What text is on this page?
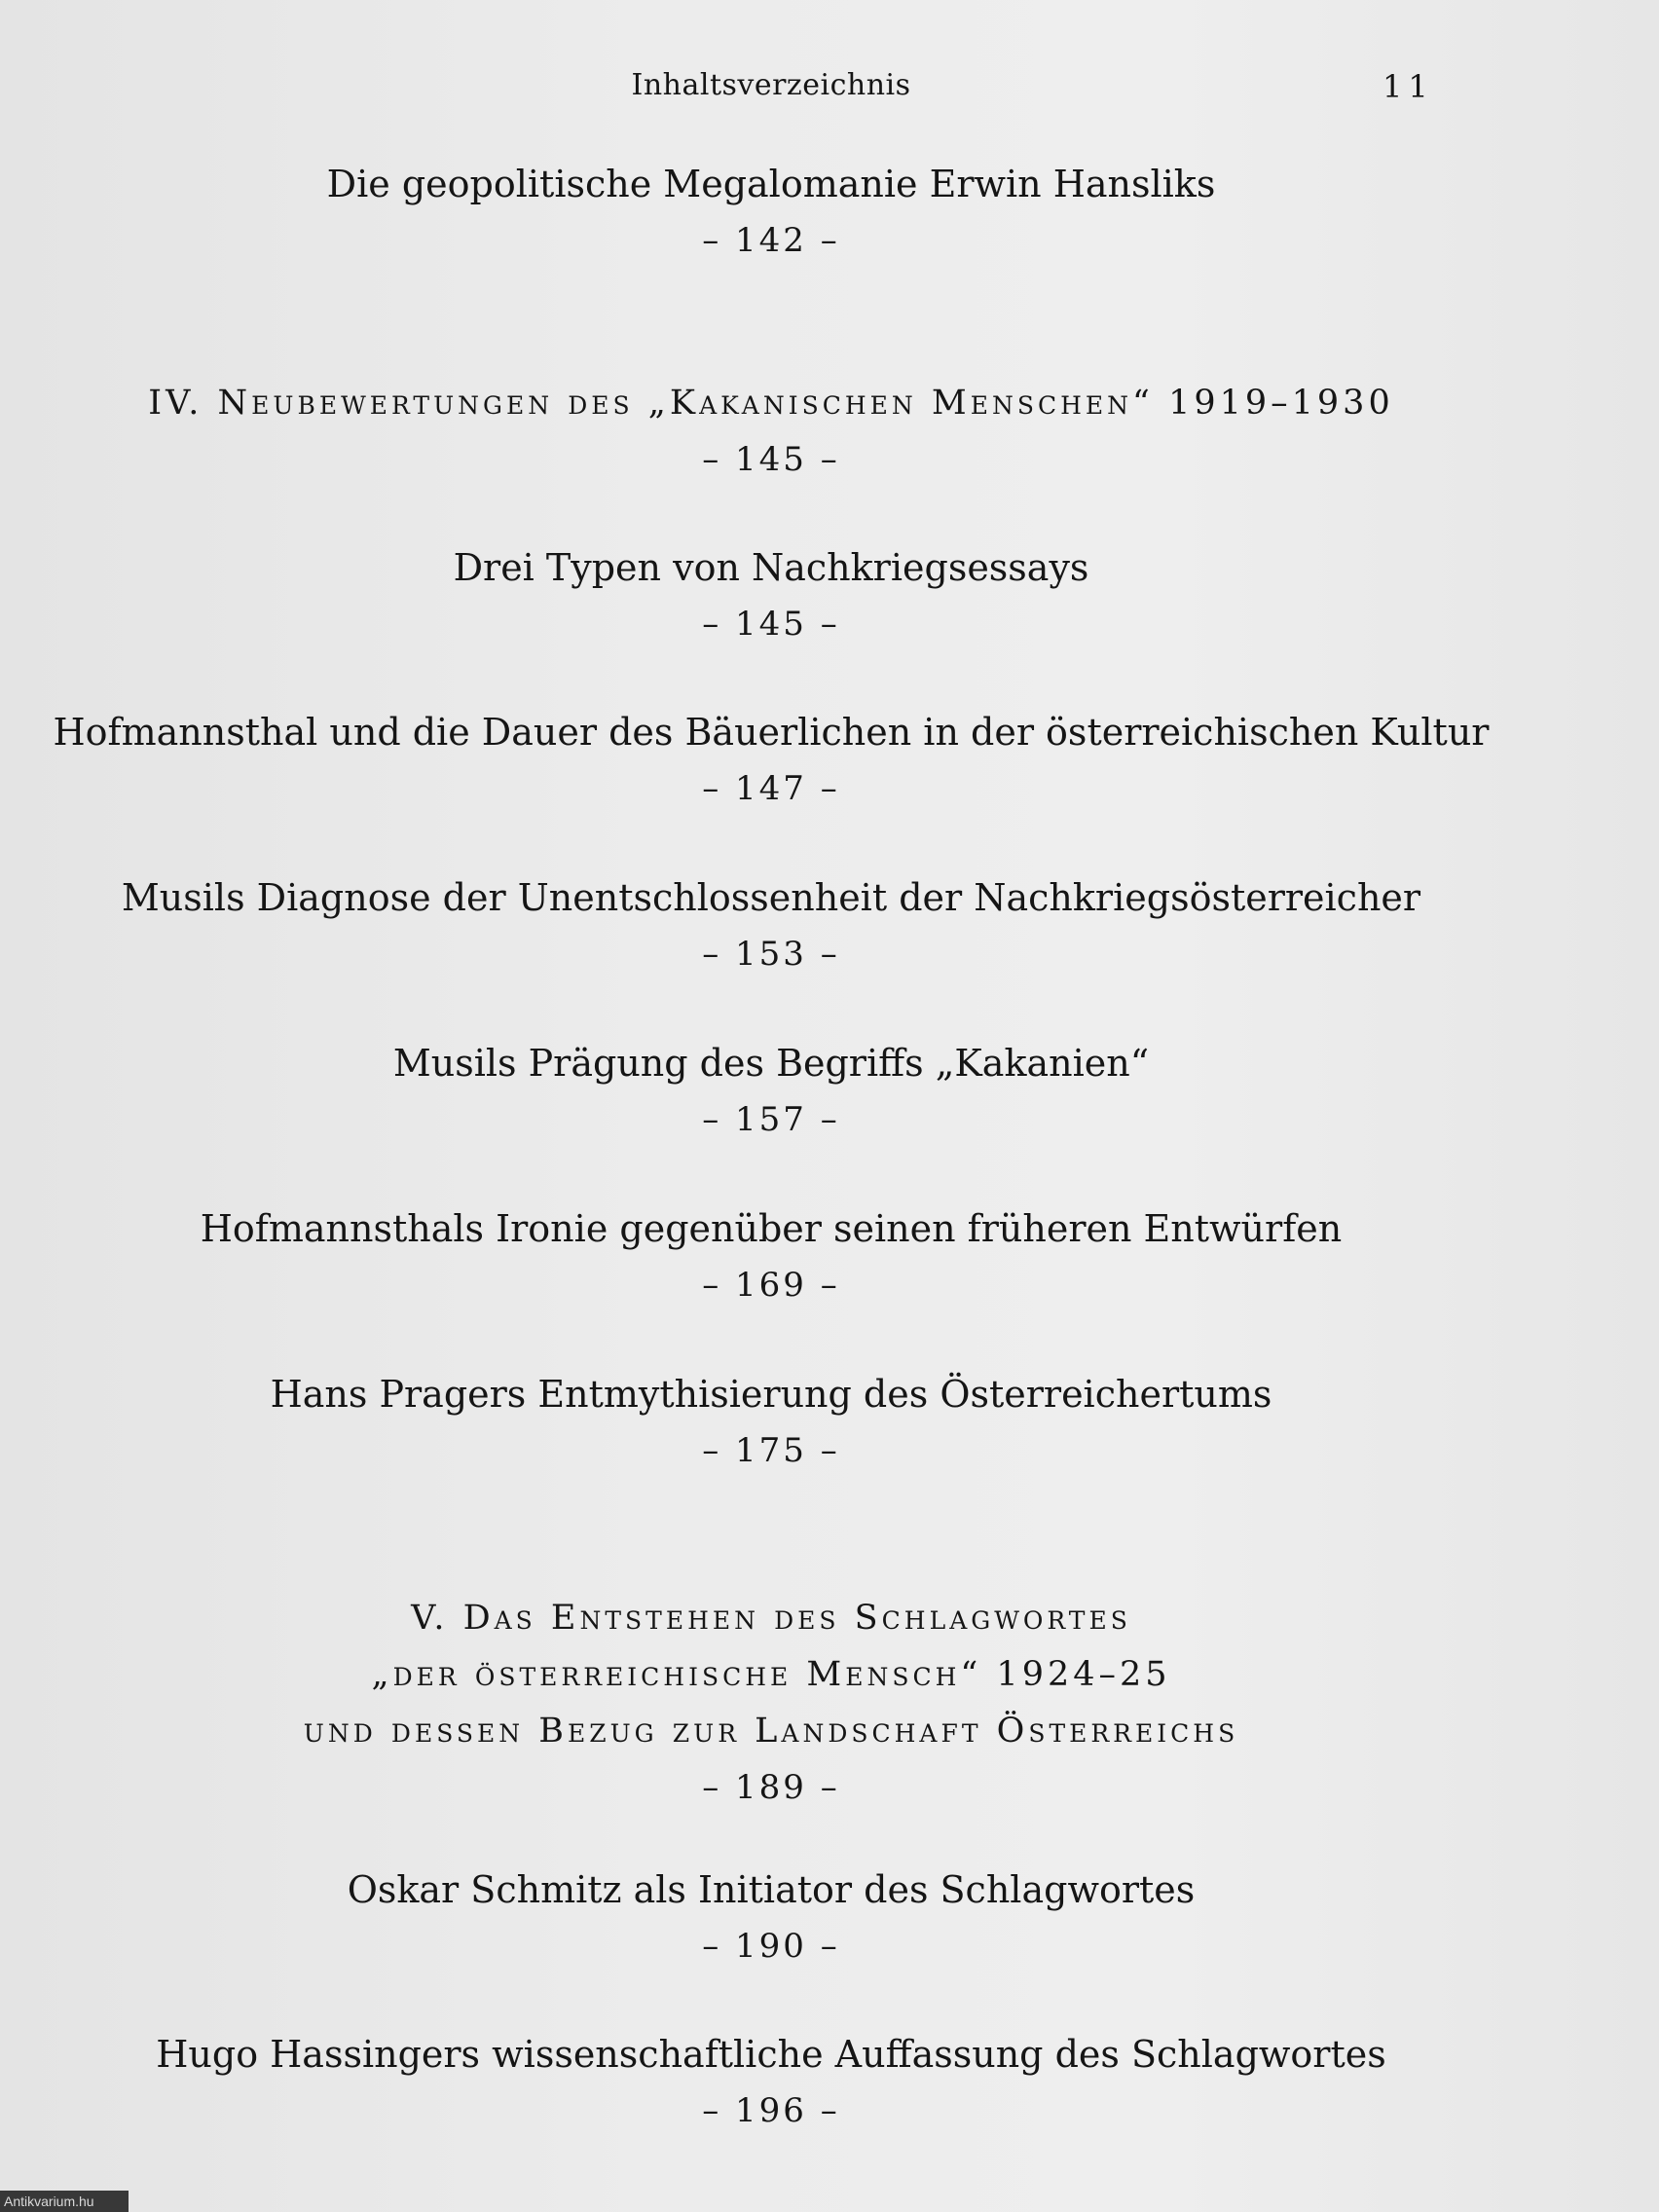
Inhaltsverzeichnis	11
Die geopolitische Megalomanie Erwin Hansliks
– 142 –
IV. Neubewertungen des „Kakanischen Menschen“ 1919–1930
– 145 –
Drei Typen von Nachkriegsessays
– 145 –
Hofmannsthal und die Dauer des Bäuerlichen in der österreichischen Kultur
– 147 –
Musils Diagnose der Unentschlossenheit der Nachkriegsösterreicher
– 153 –
Musils Prägung des Begriffs „Kakanien“
– 157 –
Hofmannsthals Ironie gegenüber seinen früheren Entwürfen
– 169 –
Hans Pragers Entmythisierung des Österreichertums
– 175 –
V. Das Entstehen des Schlagwortes
„der österreichische Mensch“ 1924–25
und dessen Bezug zur Landschaft Österreichs
– 189 –
Oskar Schmitz als Initiator des Schlagwortes
– 190 –
Hugo Hassingers wissenschaftliche Auffassung des Schlagwortes
– 196 –
Antikvarium.hu
